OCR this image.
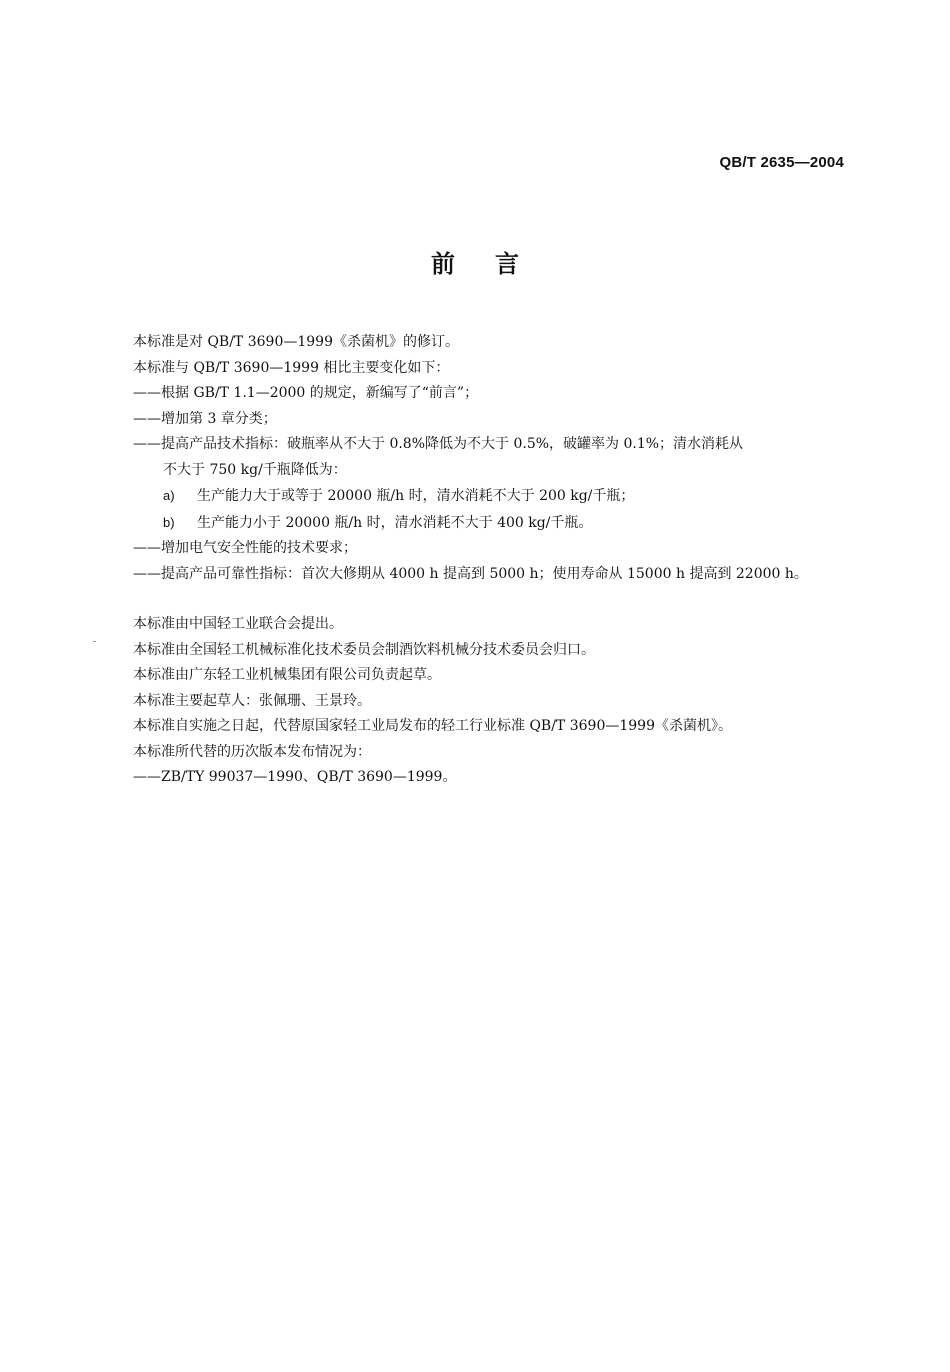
QB/T 2635—2004
前 言
本标准是对 QB/T 3690—1999《杀菌机》的修订。
本标准与 QB/T 3690—1999 相比主要变化如下：
——根据 GB/T 1.1—2000 的规定，新编写了“前言”；
——增加第 3 章分类；
——提高产品技术指标：破瓶率从不大于 0.8%降低为不大于 0.5%，破罐率为 0.1%；清水消耗从
不大于 750 kg/千瓶降低为：
a) 生产能力大于或等于 20000 瓶/h 时，清水消耗不大于 200 kg/千瓶；
b) 生产能力小于 20000 瓶/h 时，清水消耗不大于 400 kg/千瓶。
——增加电气安全性能的技术要求；
——提高产品可靠性指标：首次大修期从 4000 h 提高到 5000 h；使用寿命从 15000 h 提高到 22000 h。
本标准由中国轻工业联合会提出。
本标准由全国轻工机械标准化技术委员会制酒饮料机械分技术委员会归口。
本标准由广东轻工业机械集团有限公司负责起草。
本标准主要起草人：张佩珊、王景玲。
本标准自实施之日起，代替原国家轻工业局发布的轻工行业标准 QB/T 3690—1999《杀菌机》。
本标准所代替的历次版本发布情况为：
——ZB/TY 99037—1990、QB/T 3690—1999。
